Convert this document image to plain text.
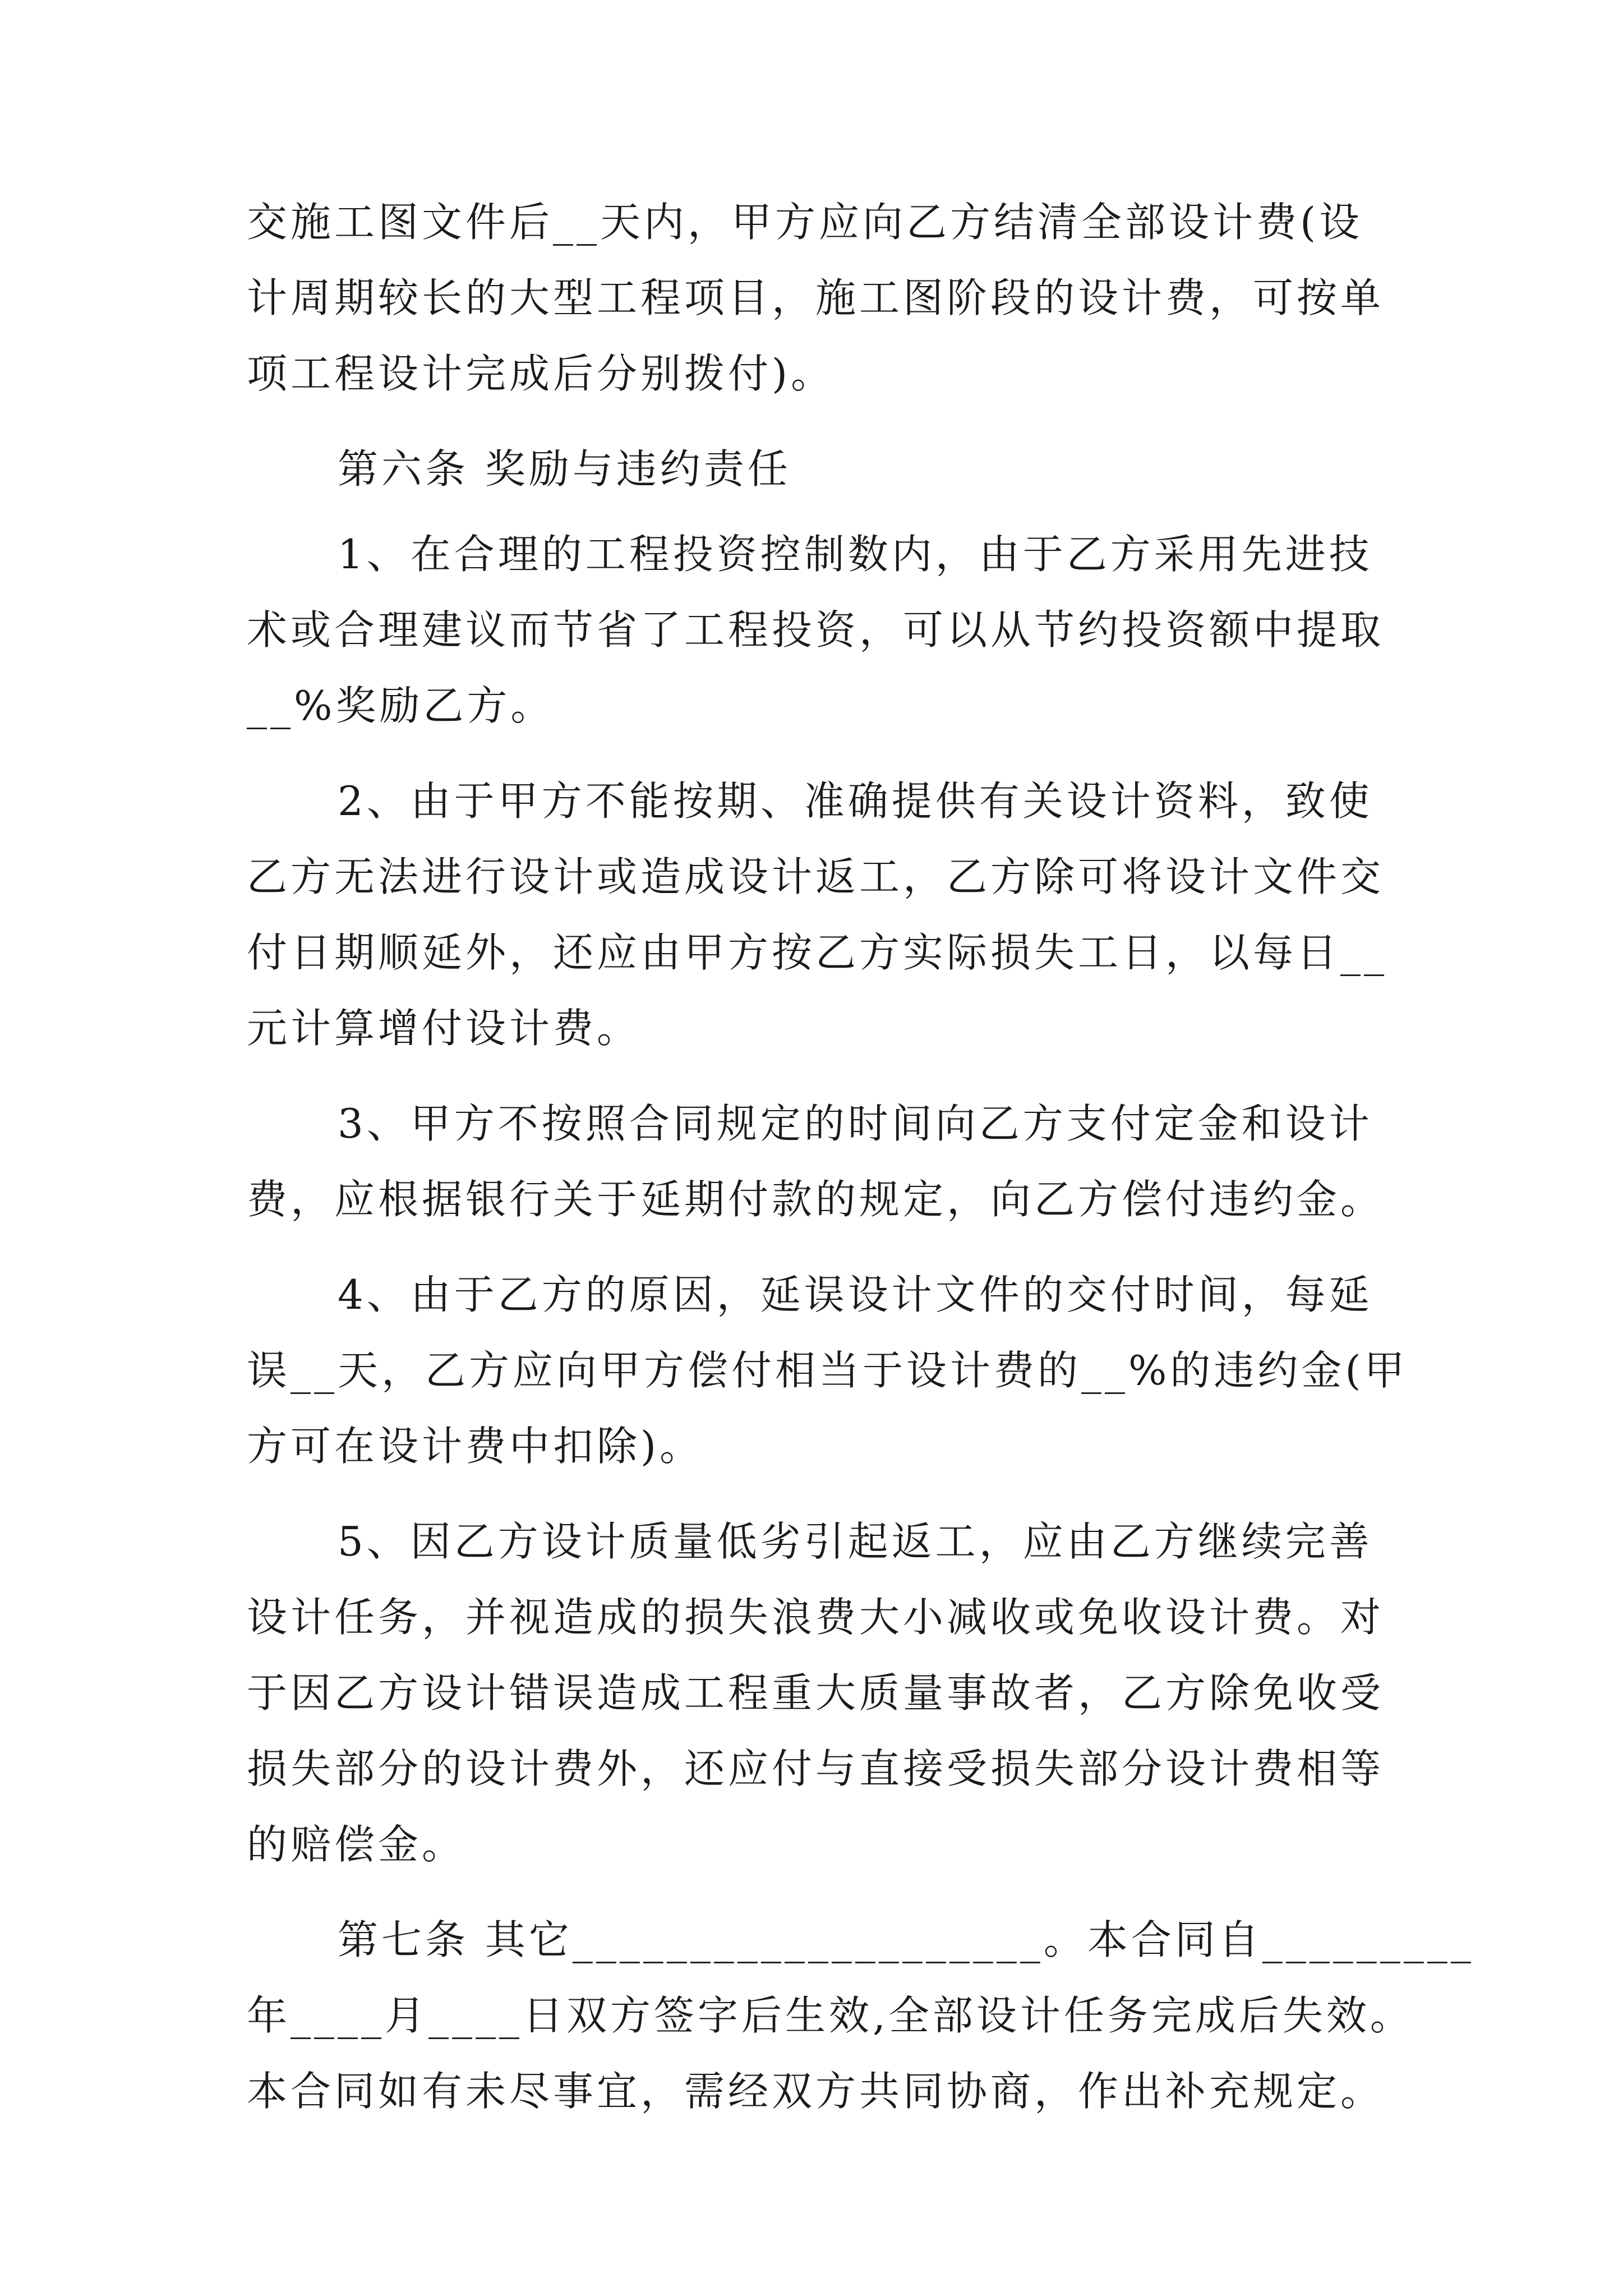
交施工图文件后__天内，甲方应向乙方结清全部设计费(设
计周期较长的大型工程项目，施工图阶段的设计费，可按单
项工程设计完成后分别拨付)。
第六条 奖励与违约责任
1、在合理的工程投资控制数内，由于乙方采用先进技
术或合理建议而节省了工程投资，可以从节约投资额中提取
__%奖励乙方。
2、由于甲方不能按期、准确提供有关设计资料，致使
乙方无法进行设计或造成设计返工，乙方除可将设计文件交
付日期顺延外，还应由甲方按乙方实际损失工日，以每日__
元计算增付设计费。
3、甲方不按照合同规定的时间向乙方支付定金和设计
费，应根据银行关于延期付款的规定，向乙方偿付违约金。
4、由于乙方的原因，延误设计文件的交付时间，每延
误__天，乙方应向甲方偿付相当于设计费的__%的违约金(甲
方可在设计费中扣除)。
5、因乙方设计质量低劣引起返工，应由乙方继续完善
设计任务，并视造成的损失浪费大小减收或免收设计费。对
于因乙方设计错误造成工程重大质量事故者，乙方除免收受
损失部分的设计费外，还应付与直接受损失部分设计费相等
的赔偿金。
第七条 其它____________________。本合同自_________
年____月____日双方签字后生效,全部设计任务完成后失效。
本合同如有未尽事宜，需经双方共同协商，作出补充规定。
